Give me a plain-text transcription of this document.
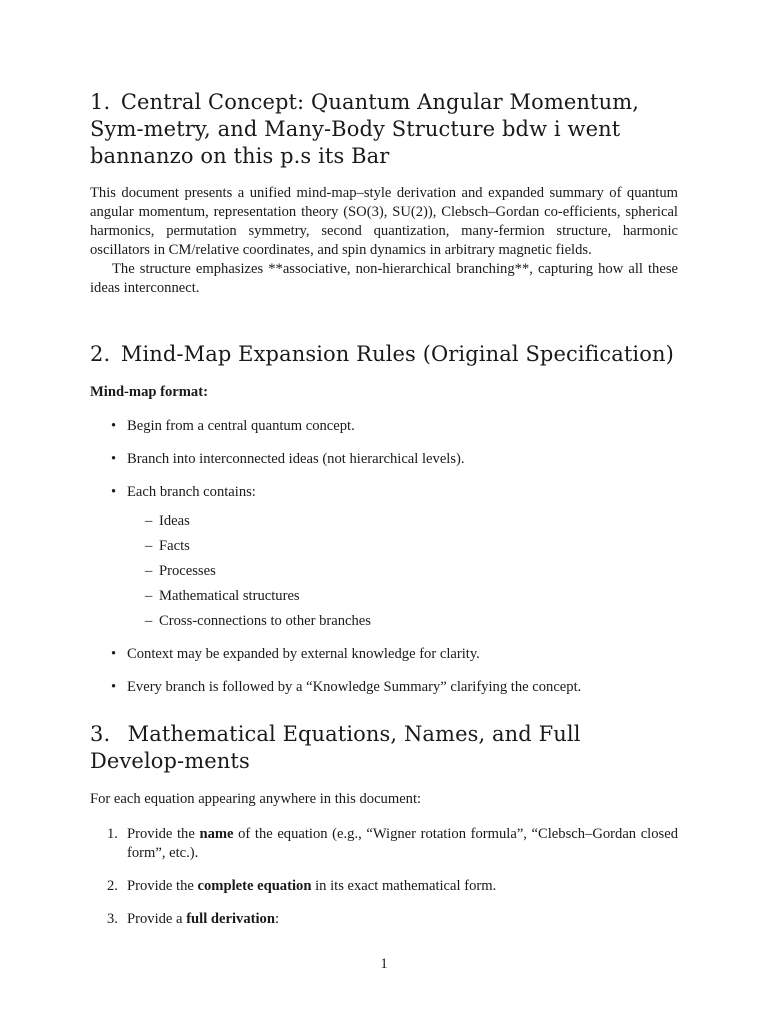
1. Central Concept: Quantum Angular Momentum, Sym-metry, and Many-Body Structure bdw i went bannanzo on this p.s its Bar

This document presents a unified mind-map–style derivation and expanded summary of quantum angular momentum, representation theory (SO(3), SU(2)), Clebsch–Gordan co-efficients, spherical harmonics, permutation symmetry, second quantization, many-fermion structure, harmonic oscillators in CM/relative coordinates, and spin dynamics in arbitrary magnetic fields.

The structure emphasizes **associative, non-hierarchical branching**, capturing how all these ideas interconnect.

2. Mind-Map Expansion Rules (Original Specification)
Mind-map format:
• Begin from a central quantum concept.
• Branch into interconnected ideas (not hierarchical levels).
• Each branch contains:
– Ideas
– Facts
– Processes
– Mathematical structures
– Cross-connections to other branches
• Context may be expanded by external knowledge for clarity.
• Every branch is followed by a “Knowledge Summary” clarifying the concept.
3.  Mathematical Equations, Names, and Full Develop-ments

For each equation appearing anywhere in this document:

1. Provide the name of the equation (e.g., “Wigner rotation formula”, “Clebsch–Gordan closed form”, etc.).
2. Provide the complete equation in its exact mathematical form.
3. Provide a full derivation:
1
